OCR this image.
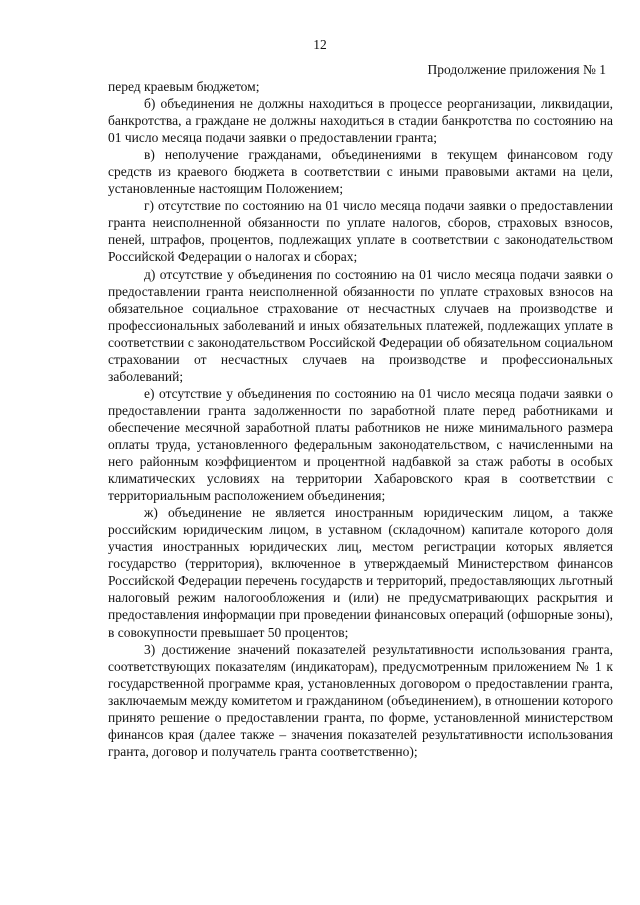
12
Продолжение приложения № 1

перед краевым бюджетом;

б) объединения не должны находиться в процессе реорганизации, ликвидации, банкротства, а граждане не должны находиться в стадии банкротства по состоянию на 01 число месяца подачи заявки о предоставлении гранта;

в) неполучение гражданами, объединениями в текущем финансовом году средств из краевого бюджета в соответствии с иными правовыми актами на цели, установленные настоящим Положением;

г) отсутствие по состоянию на 01 число месяца подачи заявки о предоставлении гранта неисполненной обязанности по уплате налогов, сборов, страховых взносов, пеней, штрафов, процентов, подлежащих уплате в соответствии с законодательством Российской Федерации о налогах и сборах;

д) отсутствие у объединения по состоянию на 01 число месяца подачи заявки о предоставлении гранта неисполненной обязанности по уплате страховых взносов на обязательное социальное страхование от несчастных случаев на производстве и профессиональных заболеваний и иных обязательных платежей, подлежащих уплате в соответствии с законодательством Российской Федерации об обязательном социальном страховании от несчастных случаев на производстве и профессиональных заболеваний;

е) отсутствие у объединения по состоянию на 01 число месяца подачи заявки о предоставлении гранта задолженности по заработной плате перед работниками и обеспечение месячной заработной платы работников не ниже минимального размера оплаты труда, установленного федеральным законодательством, с начисленными на него районным коэффициентом и процентной надбавкой за стаж работы в особых климатических условиях на территории Хабаровского края в соответствии с территориальным расположением объединения;

ж) объединение не является иностранным юридическим лицом, а также российским юридическим лицом, в уставном (складочном) капитале которого доля участия иностранных юридических лиц, местом регистрации которых является государство (территория), включенное в утверждаемый Министерством финансов Российской Федерации перечень государств и территорий, предоставляющих льготный налоговый режим налогообложения и (или) не предусматривающих раскрытия и предоставления информации при проведении финансовых операций (офшорные зоны), в совокупности превышает 50 процентов;

3) достижение значений показателей результативности использования гранта, соответствующих показателям (индикаторам), предусмотренным приложением № 1 к государственной программе края, установленных договором о предоставлении гранта, заключаемым между комитетом и гражданином (объединением), в отношении которого принято решение о предоставлении гранта, по форме, установленной министерством финансов края (далее также – значения показателей результативности использования гранта, договор и получатель гранта соответственно);
